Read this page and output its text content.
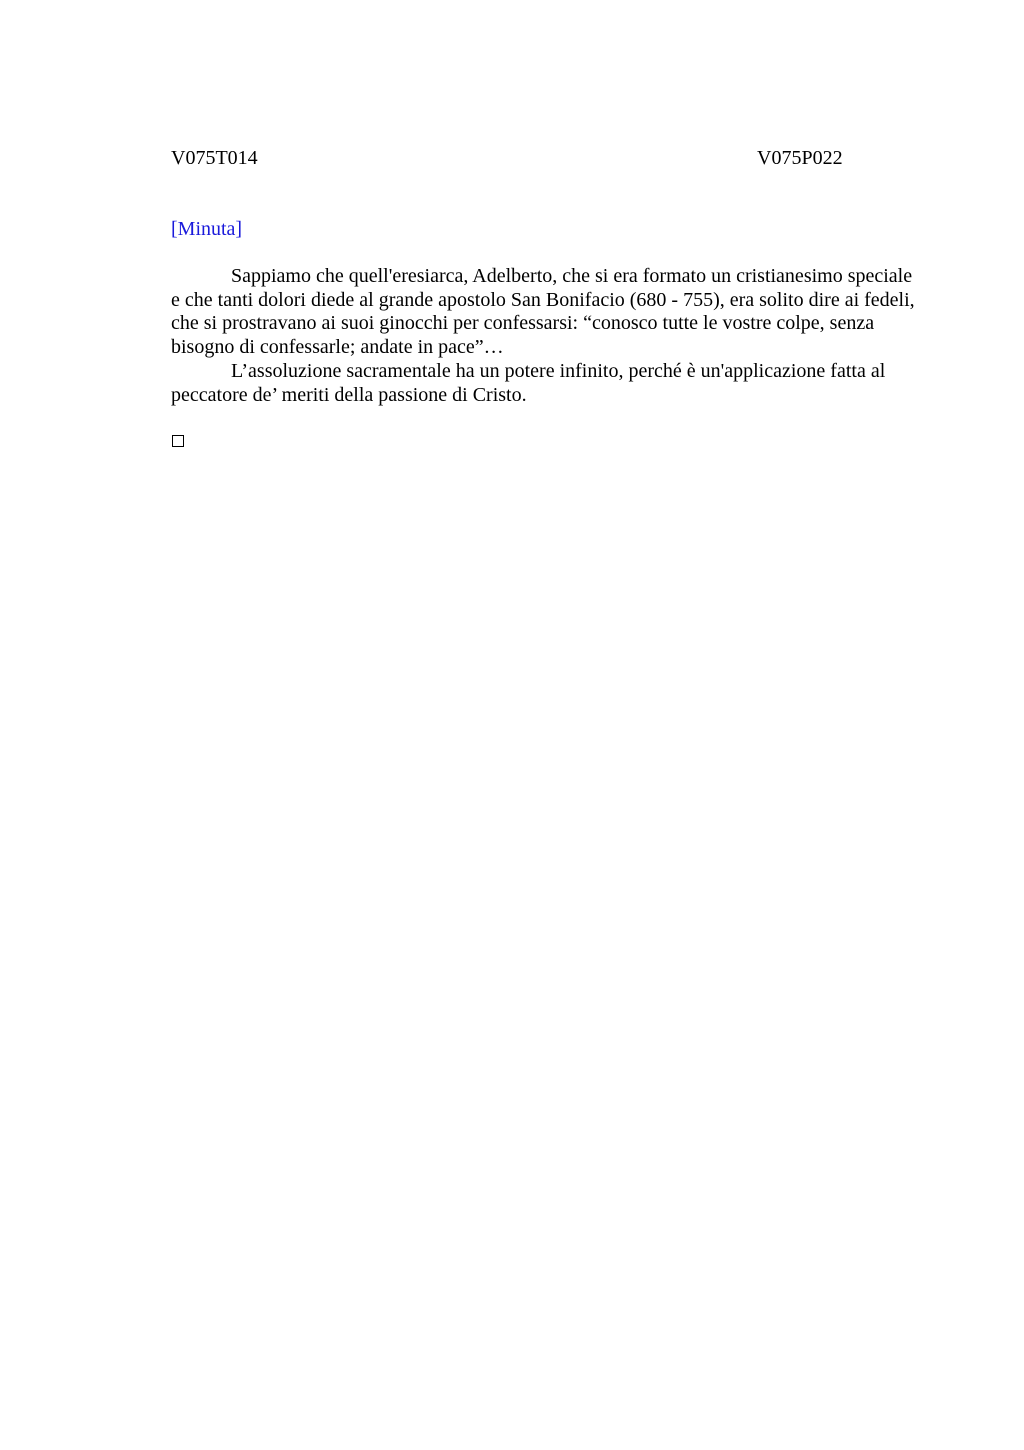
V075T014	V075P022
[Minuta]

Sappiamo che quell'eresiarca, Adelberto, che si era formato un cristianesimo speciale e che tanti dolori diede al grande apostolo San Bonifacio (680 - 755), era solito dire ai fedeli, che si prostravano ai suoi ginocchi per confessarsi: “conosco tutte le vostre colpe, senza bisogno di confessarle; andate in pace”…

L’assoluzione sacramentale ha un potere infinito, perché è un'applicazione fatta al peccatore de’ meriti della passione di Cristo.
